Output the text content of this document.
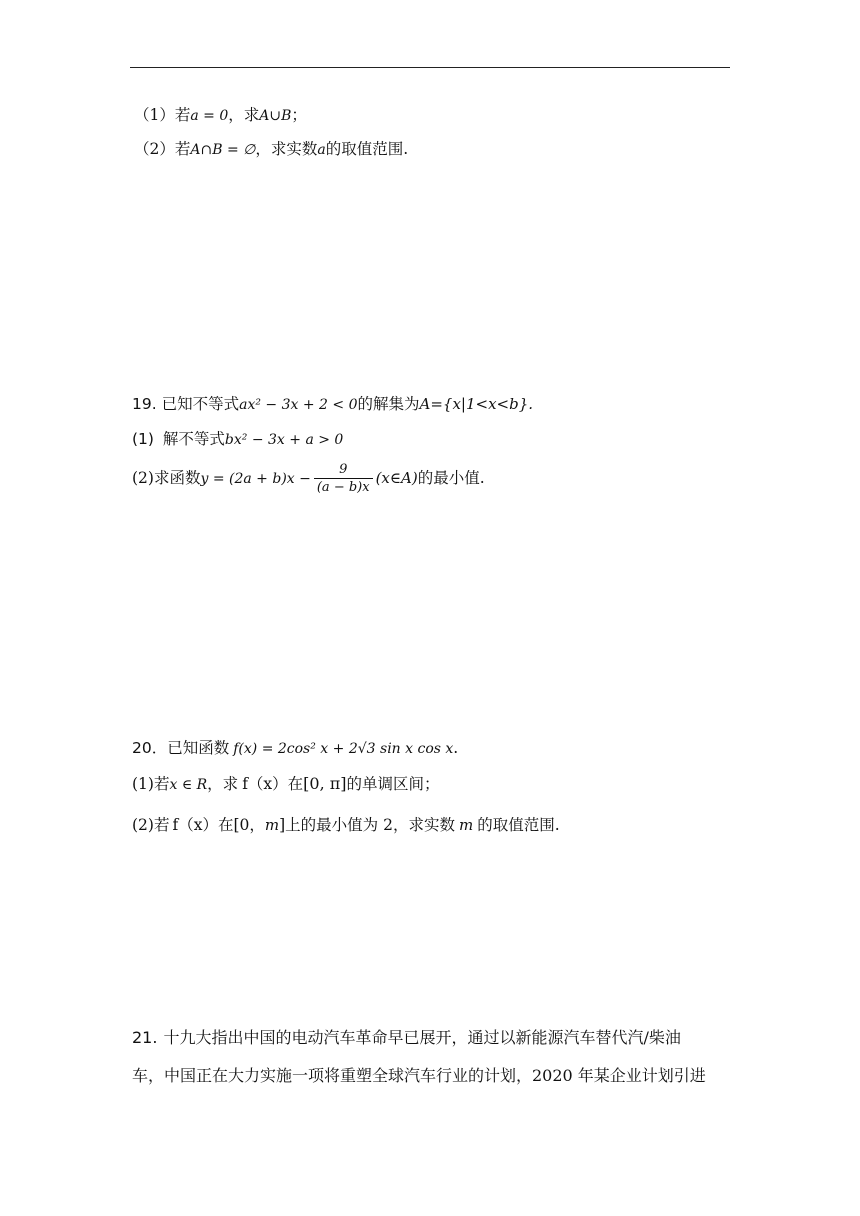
（1）若a = 0，求A∪B；
（2）若A∩B = ∅，求实数a的取值范围.
19. 已知不等式ax² − 3x + 2 < 0的解集为A={x|1<x<b}.
(1) 解不等式bx² − 3x + a > 0
(2)求函数$y = (2a + b)x - \frac{9}{(a - b)x}$ (x∈A)的最小值.
20．已知函数 f(x) = 2cos² x + 2√3 sin x cos x.
(1)若x ∈ R，求 f（x）在[0, π]的单调区间；
(2)若 f（x）在[0，m]上的最小值为 2，求实数 m 的取值范围.
21. 十九大指出中国的电动汽车革命早已展开，通过以新能源汽车替代汽/柴油
车，中国正在大力实施一项将重塑全球汽车行业的计划，2020 年某企业计划引进
